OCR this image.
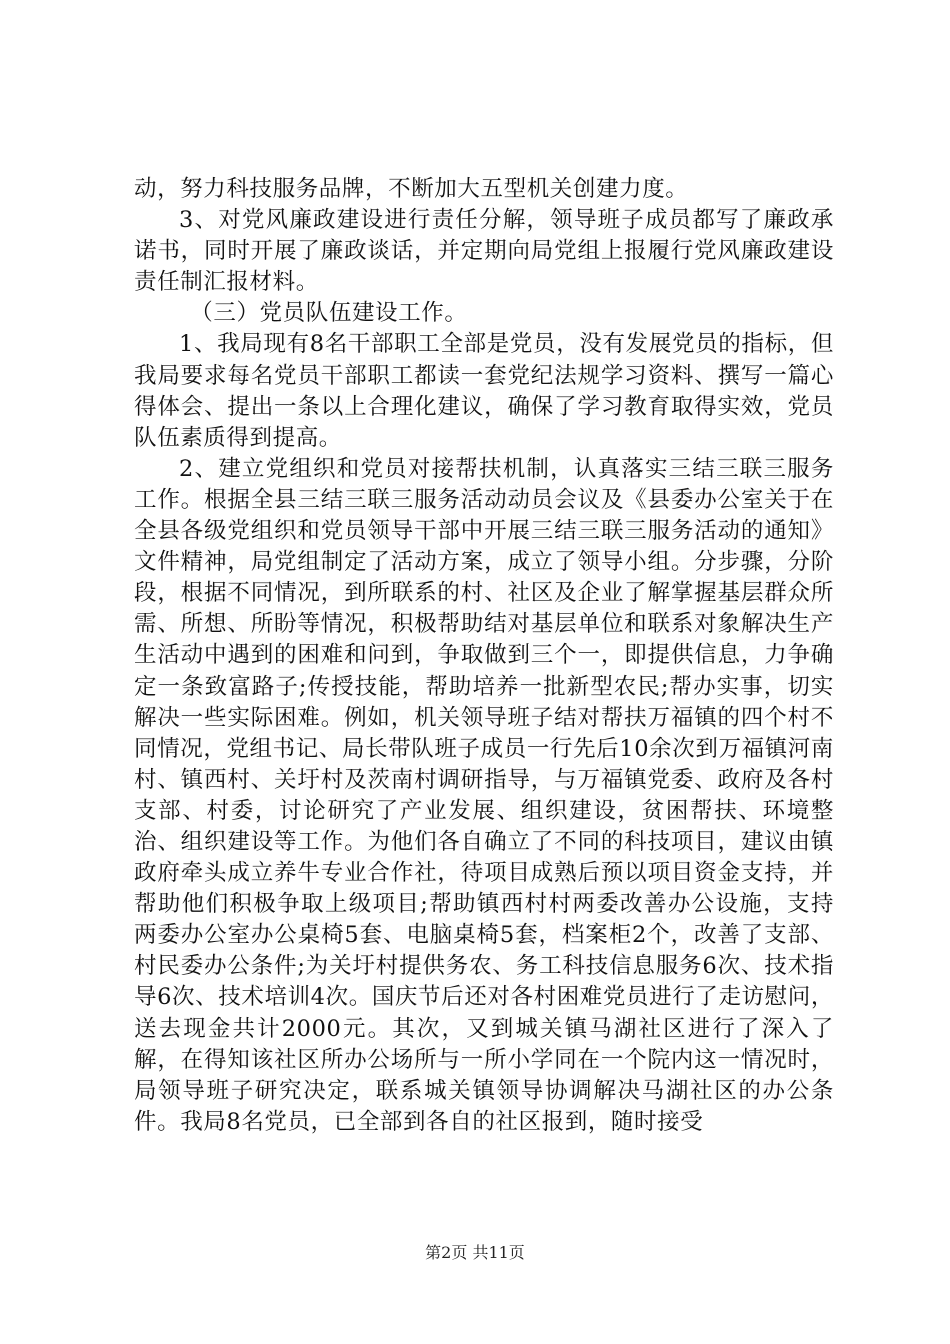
动，努力科技服务品牌，不断加大五型机关创建力度。

3、对党风廉政建设进行责任分解，领导班子成员都写了廉政承诺书，同时开展了廉政谈话，并定期向局党组上报履行党风廉政建设责任制汇报材料。

（三）党员队伍建设工作。

1、我局现有8名干部职工全部是党员，没有发展党员的指标，但我局要求每名党员干部职工都读一套党纪法规学习资料、撰写一篇心得体会、提出一条以上合理化建议，确保了学习教育取得实效，党员队伍素质得到提高。

2、建立党组织和党员对接帮扶机制，认真落实三结三联三服务工作。根据全县三结三联三服务活动动员会议及《县委办公室关于在全县各级党组织和党员领导干部中开展三结三联三服务活动的通知》文件精神，局党组制定了活动方案，成立了领导小组。分步骤，分阶段，根据不同情况，到所联系的村、社区及企业了解掌握基层群众所需、所想、所盼等情况，积极帮助结对基层单位和联系对象解决生产生活动中遇到的困难和问到，争取做到三个一，即提供信息，力争确定一条致富路子;传授技能，帮助培养一批新型农民;帮办实事，切实解决一些实际困难。例如，机关领导班子结对帮扶万福镇的四个村不同情况，党组书记、局长带队班子成员一行先后10余次到万福镇河南村、镇西村、关圩村及茨南村调研指导，与万福镇党委、政府及各村支部、村委，讨论研究了产业发展、组织建设，贫困帮扶、环境整治、组织建设等工作。为他们各自确立了不同的科技项目，建议由镇政府牵头成立养牛专业合作社，待项目成熟后预以项目资金支持，并帮助他们积极争取上级项目;帮助镇西村村两委改善办公设施，支持两委办公室办公桌椅5套、电脑桌椅5套，档案柜2个，改善了支部、村民委办公条件;为关圩村提供务农、务工科技信息服务6次、技术指导6次、技术培训4次。国庆节后还对各村困难党员进行了走访慰问，送去现金共计2000元。其次，又到城关镇马湖社区进行了深入了解，在得知该社区所办公场所与一所小学同在一个院内这一情况时，局领导班子研究决定，联系城关镇领导协调解决马湖社区的办公条件。我局8名党员，已全部到各自的社区报到，随时接受

第2页 共11页
